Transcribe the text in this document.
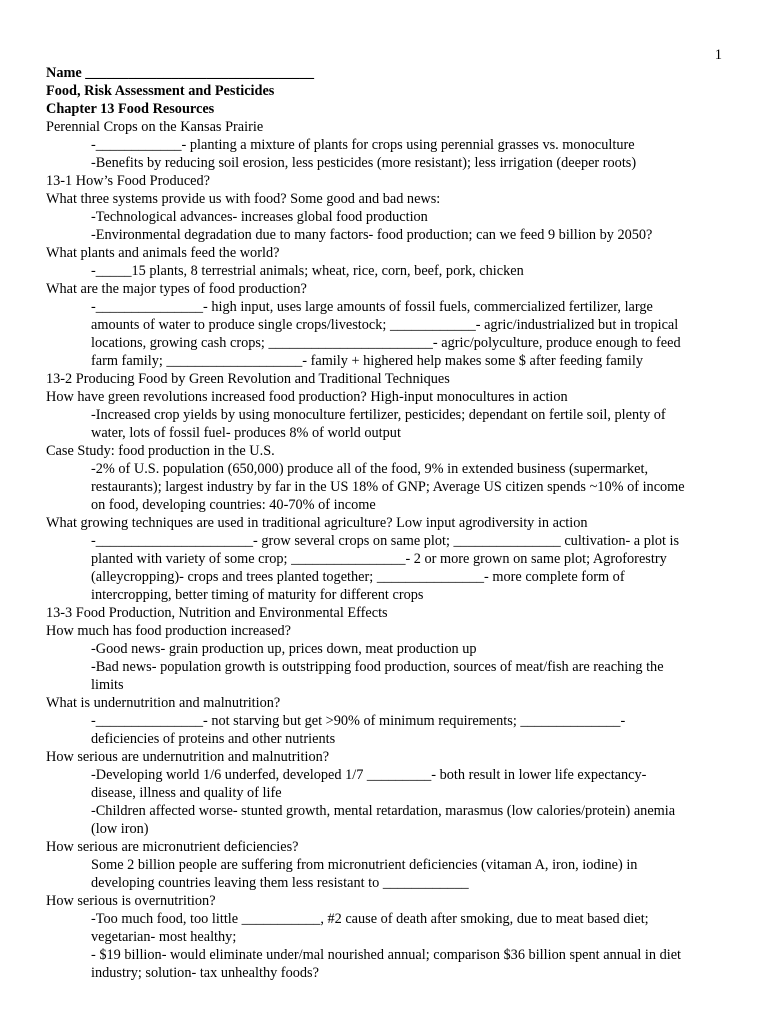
1
Name ________________________________
Food, Risk Assessment and Pesticides
Chapter 13 Food Resources
Perennial Crops on the Kansas Prairie
-____________- planting a mixture of plants for crops using perennial grasses vs. monoculture
-Benefits by reducing soil erosion, less pesticides (more resistant); less irrigation (deeper roots)
13-1 How’s Food Produced?
What three systems provide us with food? Some good and bad news:
-Technological advances- increases global food production
-Environmental degradation due to many factors- food production; can we feed 9 billion by 2050?
What plants and animals feed the world?
-_____15 plants, 8 terrestrial animals; wheat, rice, corn, beef, pork, chicken
What are the major types of food production?
-_______________- high input, uses large amounts of fossil fuels, commercialized fertilizer, large
amounts of water to produce single crops/livestock; ____________- agric/industrialized but in tropical
locations, growing cash crops; _______________________- agric/polyculture, produce enough to feed
farm family; ___________________- family + highered help makes some $ after feeding family
13-2 Producing Food by Green Revolution and Traditional Techniques
How have green revolutions increased food production? High-input monocultures in action
-Increased crop yields by using monoculture fertilizer, pesticides; dependant on fertile soil, plenty of
water, lots of fossil fuel- produces 8% of world output
Case Study: food production in the U.S.
-2% of U.S. population (650,000) produce all of the food, 9% in extended business (supermarket,
restaurants); largest industry by far in the US 18% of GNP; Average US citizen spends ~10% of income
on food, developing countries: 40-70% of income
What growing techniques are used in traditional agriculture? Low input agrodiversity in action
-______________________- grow several crops on same plot; _______________ cultivation- a plot is
planted with variety of some crop; ________________- 2 or more grown on same plot; Agroforestry
(alleycropping)- crops and trees planted together; _______________- more complete form of
intercropping, better timing of maturity for different crops
13-3 Food Production, Nutrition and Environmental Effects
How much has food production increased?
-Good news- grain production up, prices down, meat production up
-Bad news- population growth is outstripping food production, sources of meat/fish are reaching the
limits
What is undernutrition and malnutrition?
-_______________- not starving but get >90% of minimum requirements; ______________-
deficiencies of proteins and other nutrients
How serious are undernutrition and malnutrition?
-Developing world 1/6 underfed, developed 1/7 _________- both result in lower life expectancy-
disease, illness and quality of life
-Children affected worse- stunted growth, mental retardation, marasmus (low calories/protein) anemia
(low iron)
How serious are micronutrient deficiencies?
Some 2 billion people are suffering from micronutrient deficiencies (vitaman A, iron, iodine) in
developing countries leaving them less resistant to ____________
How serious is overnutrition?
-Too much food, too little ___________, #2 cause of death after smoking, due to meat based diet;
vegetarian- most healthy;
- $19 billion- would eliminate under/mal nourished annual; comparison $36 billion spent annual in diet
industry; solution- tax unhealthy foods?
